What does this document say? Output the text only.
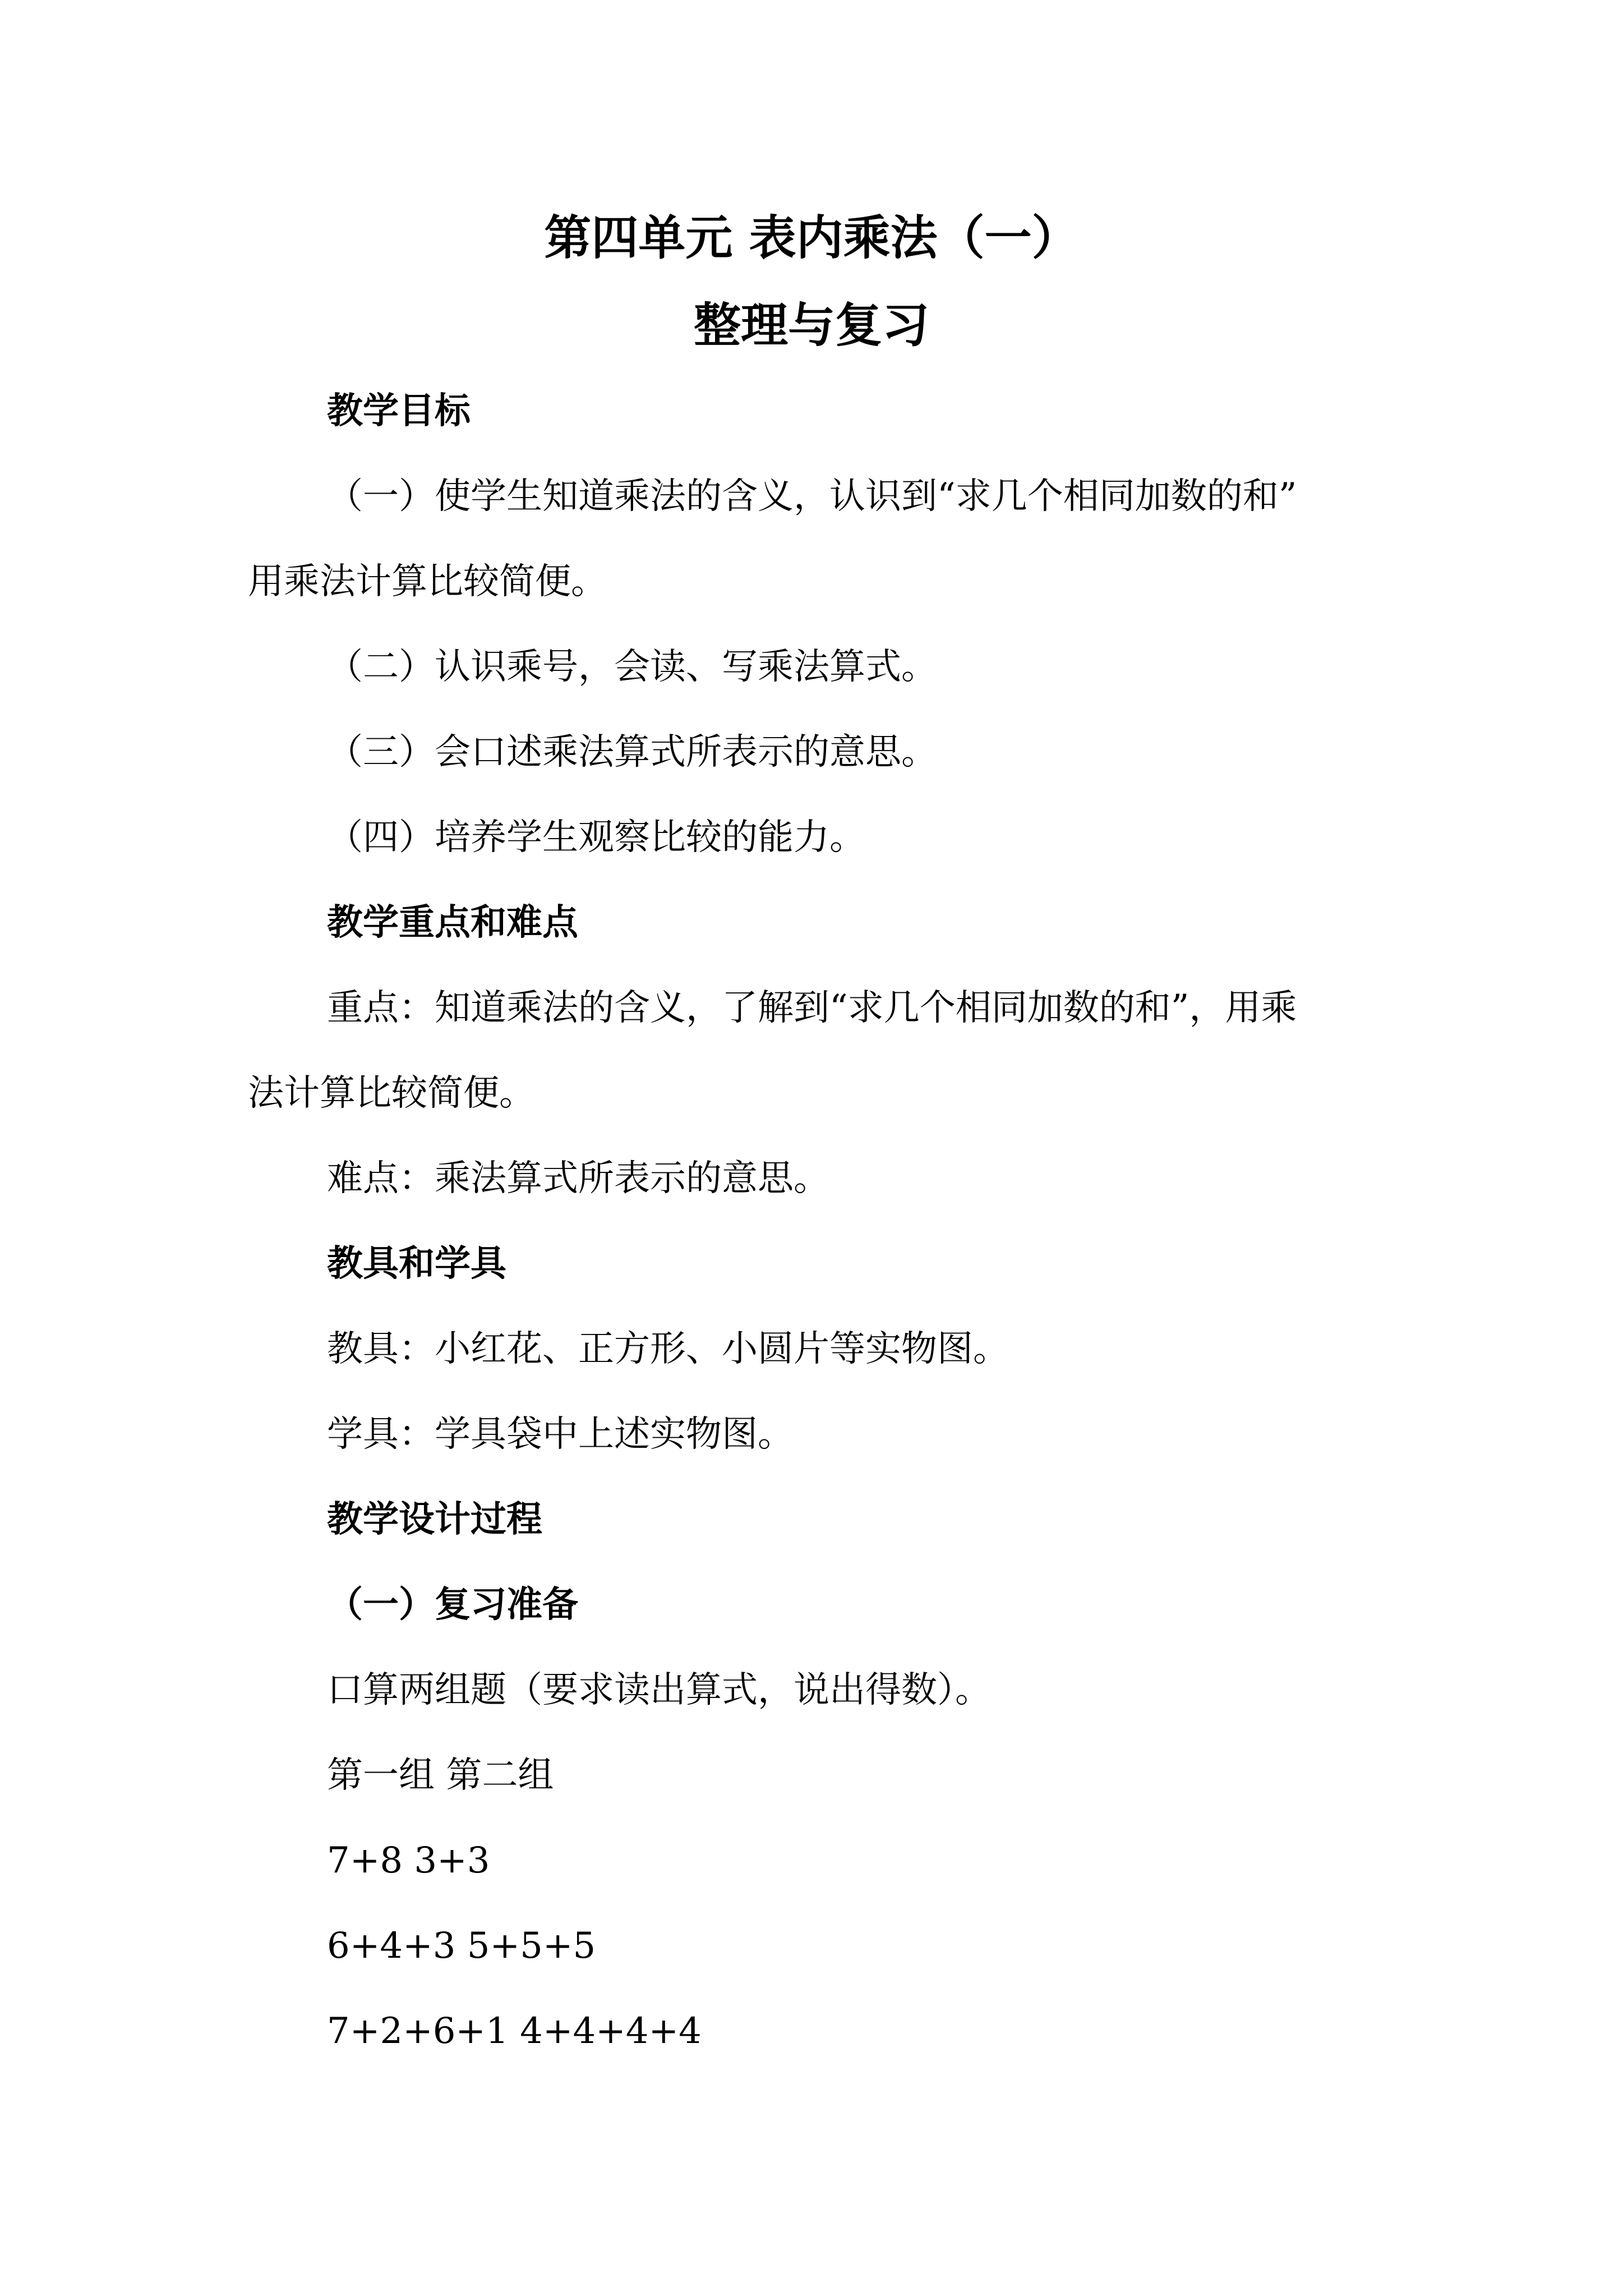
第四单元 表内乘法（一）
整理与复习

教学目标

（一）使学生知道乘法的含义，认识到“求几个相同加数的和”

用乘法计算比较简便。

（二）认识乘号，会读、写乘法算式。

（三）会口述乘法算式所表示的意思。

（四）培养学生观察比较的能力。

教学重点和难点

重点：知道乘法的含义，了解到“求几个相同加数的和”，用乘

法计算比较简便。

难点：乘法算式所表示的意思。

教具和学具

教具：小红花、正方形、小圆片等实物图。

学具：学具袋中上述实物图。

教学设计过程

（一）复习准备

口算两组题（要求读出算式，说出得数）。

第一组 第二组

7+8 3+3

6+4+3 5+5+5

7+2+6+1 4+4+4+4
